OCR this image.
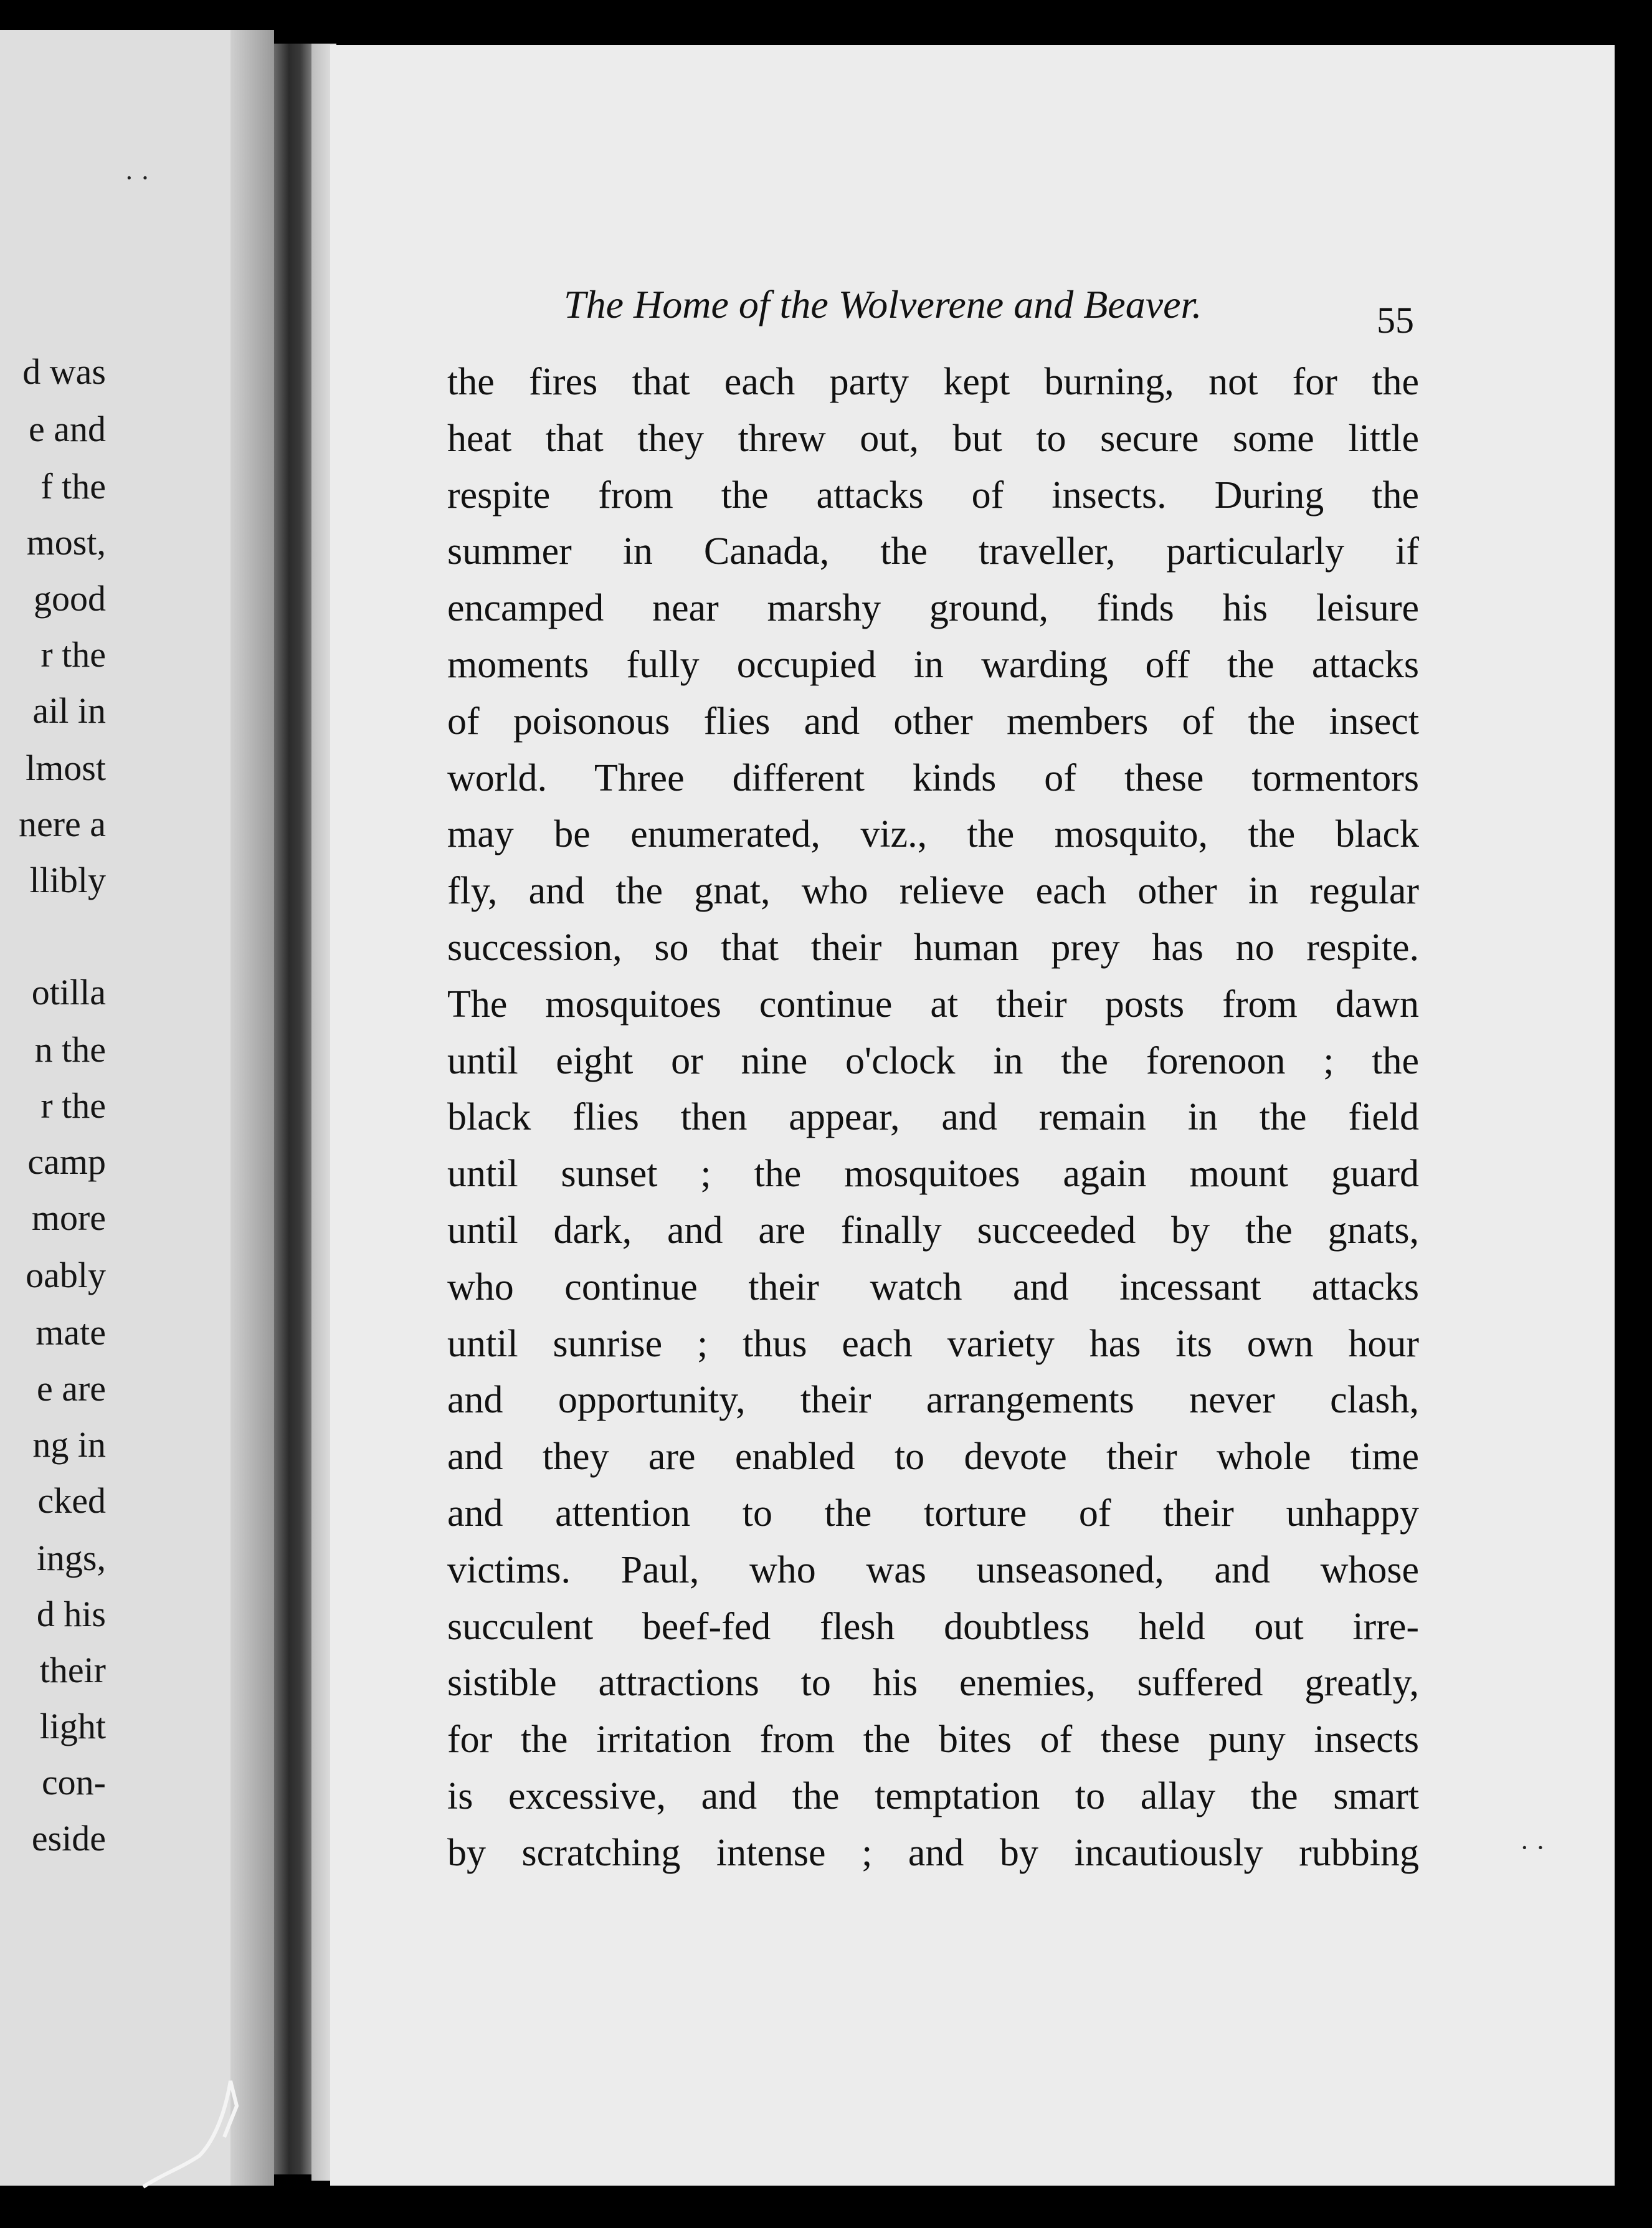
d was
e and
f the
most,
good
r the
ail in
lmost
nere a
llibly
otilla
n the
r the
camp
more
oably
mate
e are
ng in
cked
ings,
d his
their
light
con-
eside
The Home of the Wolverene and Beaver.	55
the fires that each party kept burning, not for the
heat that they threw out, but to secure some little
respite from the attacks of insects. During the
summer in Canada, the traveller, particularly if
encamped near marshy ground, finds his leisure
moments fully occupied in warding off the attacks
of poisonous flies and other members of the insect
world. Three different kinds of these tormentors
may be enumerated, viz., the mosquito, the black
fly, and the gnat, who relieve each other in regular
succession, so that their human prey has no respite.
The mosquitoes continue at their posts from dawn
until eight or nine o'clock in the forenoon ; the
black flies then appear, and remain in the field
until sunset ; the mosquitoes again mount guard
until dark, and are finally succeeded by the gnats,
who continue their watch and incessant attacks
until sunrise ; thus each variety has its own hour
and opportunity, their arrangements never clash,
and they are enabled to devote their whole time
and attention to the torture of their unhappy
victims. Paul, who was unseasoned, and whose
succulent beef-fed flesh doubtless held out irre-
sistible attractions to his enemies, suffered greatly,
for the irritation from the bites of these puny insects
is excessive, and the temptation to allay the smart
by scratching intense ; and by incautiously rubbing	· ·
· ·
